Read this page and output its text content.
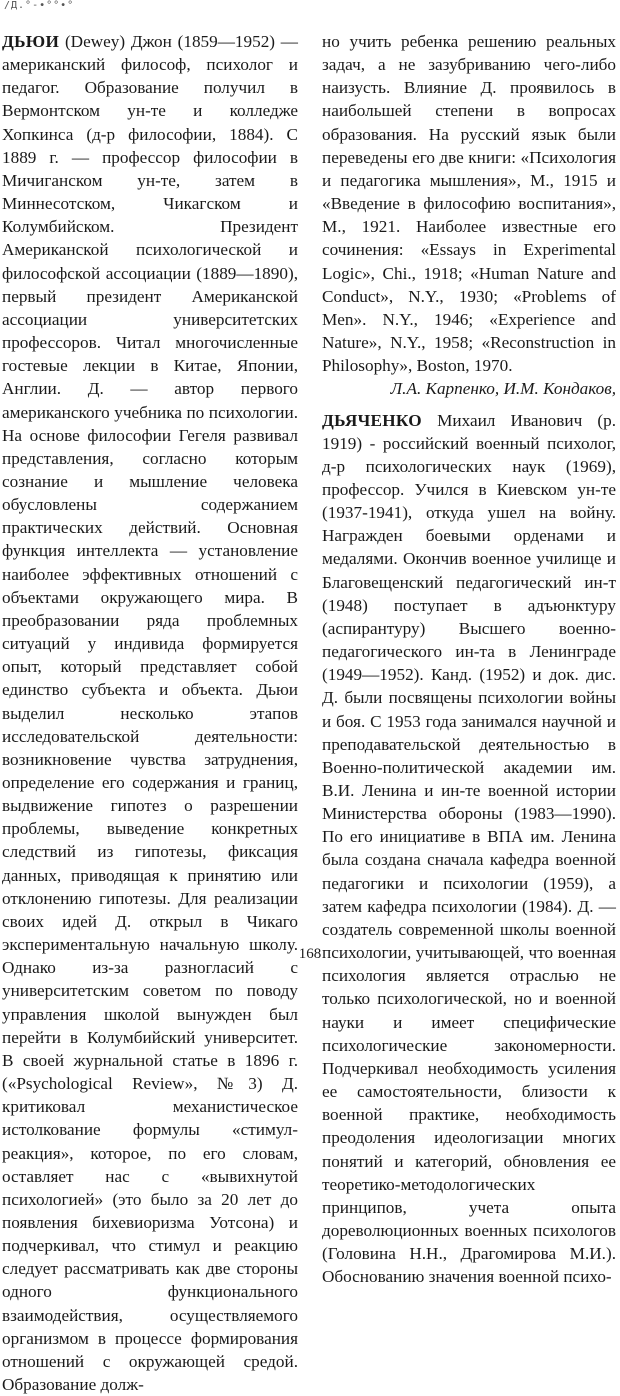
/Д.°-∙°°∙°

ДЬЮИ (Dewey) Джон (1859—1952) — американский философ, психолог и педагог. Образование получил в Вермонтском ун-те и колледже Хопкинса (д-р философии, 1884). С 1889 г. — профессор философии в Мичиганском ун-те, затем в Миннесотском, Чикагском и Колумбийском. Президент Американской психологической и философской ассоциации (1889—1890), первый президент Американской ассоциации университетских профессоров. Читал многочисленные гостевые лекции в Китае, Японии, Англии. Д. — автор первого американского учебника по психологии. На основе философии Гегеля развивал представления, согласно которым сознание и мышление человека обусловлены содержанием практических действий. Основная функция интеллекта — установление наиболее эффективных отношений с объектами окружающего мира. В преобразовании ряда проблемных ситуаций у индивида формируется опыт, который представляет собой единство субъекта и объекта. Дьюи выделил несколько этапов исследовательской деятельности: возникновение чувства затруднения, определение его содержания и границ, выдвижение гипотез о разрешении проблемы, выведение конкретных следствий из гипотезы, фиксация данных, приводящая к принятию или отклонению гипотезы. Для реализации своих идей Д. открыл в Чикаго экспериментальную начальную школу. Однако из-за разногласий с университетским советом по поводу управления школой вынужден был перейти в Колумбийский университет. В своей журнальной статье в 1896 г.(«Psychological Review», №3) Д. критиковал механистическое истолкование формулы «стимул-реакция», которое, по его словам, оставляет нас с «вывихнутой психологией» (это было за 20 лет до появления бихевиоризма Уотсона) и подчеркивал, что стимул и реакцию следует рассматривать как две стороны одного функционального взаимодействия, осуществляемого организмом в процессе формирования отношений с окружающей средой. Образование долж-

но учить ребенка решению реальных задач, а не зазубриванию чего-либо наизусть. Влияние Д. проявилось в наибольшей степени в вопросах образования. На русский язык были переведены его две книги: «Психология и педагогика мышления», М., 1915 и «Введение в философию воспитания», М., 1921. Наиболее известные его сочинения: «Essays in Experimental Logic», Chi., 1918; «Human Nature and Conduct», N.Y., 1930; «Problems of Men». N.Y., 1946; «Experience and Nature», N.Y., 1958; «Reconstruction in Philosophy», Boston, 1970.

Л.А. Карпенко, И.М. Кондаков,

ДЬЯЧЕНКО Михаил Иванович (р. 1919) - российский военный психолог, д-р психологических наук (1969), профессор. Учился в Киевском ун-те (1937-1941), откуда ушел на войну. Награжден боевыми орденами и медалями. Окончив военное училище и Благовещенский педагогический ин-т (1948) поступает в адъюнктуру (аспирантуру) Высшего военно-педагогического ин-та в Ленинграде (1949—1952). Канд. (1952) и док. дис. Д. были посвящены психологии войны и боя. С 1953 года занимался научной и преподавательской деятельностью в Военно-политической академии им. В.И. Ленина и ин-те военной истории Министерства обороны (1983—1990). По его инициативе в ВПА им. Ленина была создана сначала кафедра военной педагогики и психологии (1959), а затем кафедра психологии (1984). Д. — создатель современной школы военной психологии, учитывающей, что военная психология является отраслью не только психологической, но и военной науки и имеет специфические психологические закономерности. Подчеркивал необходимость усиления ее самостоятельности, близости к военной практике, необходимость преодоления идеологизации многих понятий и категорий, обновления ее теоретико-методологических принципов, учета опыта дореволюционных военных психологов (Головина Н.Н., Драгомирова М.И.). Обоснованию значения военной психо-

168
